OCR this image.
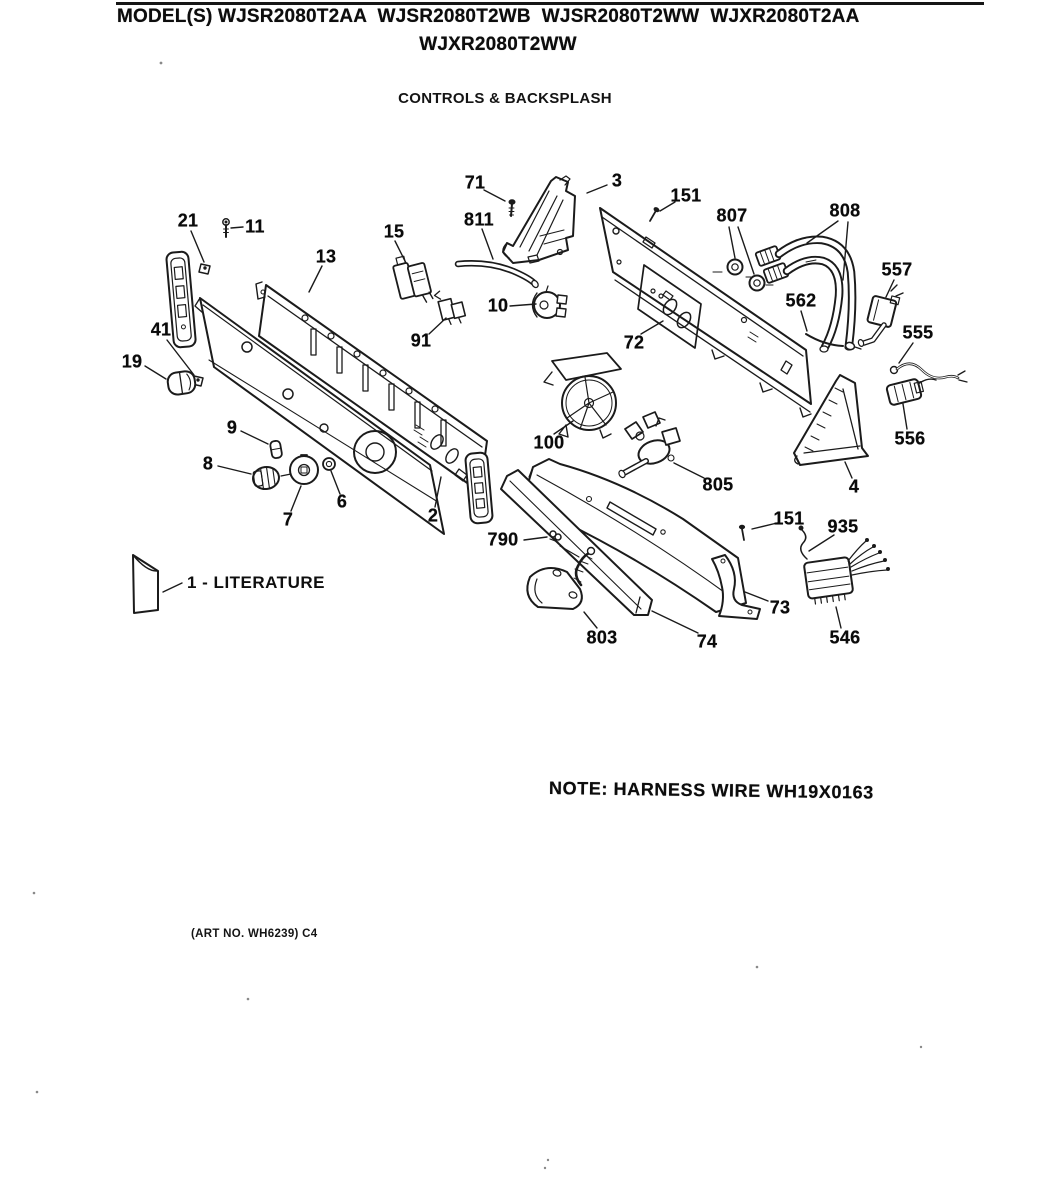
MODEL(S) WJSR2080T2AA  WJSR2080T2WB  WJSR2080T2WW  WJXR2080T2AA
WJXR2080T2WW
CONTROLS & BACKSPLASH
71	3
151
807	808
811
557
562
555
556
21	11	15
13
10
91	72
41
19
9
100
805
8
6
7	2
4
151 935
790
73
803	74	546
1 - LITERATURE
NOTE: HARNESS WIRE WH19X0163
(ART NO. WH6239) C4
